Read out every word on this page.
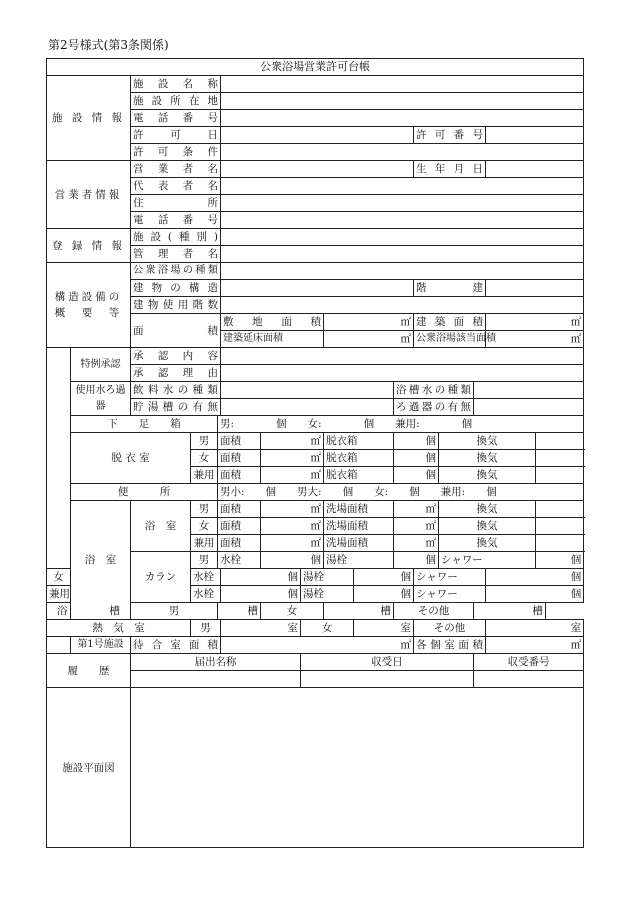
第2号様式(第3条関係)
公衆浴場営業許可台帳															
施 設 情 報		施設名称													
		施設所在地													
		電話番号													
		許可日									許可番号				
		許可条件													
営業者情報		営業者名									生年月日				
		代表者名													
		住所													
		電話番号													
登 録 情 報		施設(種別)													
		管理者名													
構造設備の概　要　等		公衆浴場の種類													
		建物の構造									階　　建				
		建物使用階数													
		面積			敷地面積			㎡			建築面積			㎡	
					建築延床面積			㎡			公衆浴場該当面積			㎡	
	特例承認	承認内容													
		承認理由													
	使用水ろ過器	飲料水の種類								浴槽水の種類					
		貯湯槽の有無								ろ過器の有無					
	下　　足　　箱			男:     個   女:     個   兼用:     個											
	脱 衣 室		男	面積		㎡		脱衣箱		個		換気			
			女	面積		㎡		脱衣箱		個		換気			
			兼用	面積		㎡		脱衣箱		個		換気			
	便　　　所			男小:   個   男大:   個   女:   個   兼用:   個											
	浴　室	浴　室	男	面積		㎡		洗場面積		㎡		換気			
			女	面積		㎡		洗場面積		㎡		換気			
			兼用	面積		㎡		洗場面積		㎡		換気			
		カラン	男	水栓		個		湯栓		個		シャワー			個
女			水栓		個		湯栓		個		シャワー			個	
兼用			水栓		個		湯栓		個		シャワー			個	
浴　　　　槽		男		槽		女		槽		その他			槽		
熱　気　室			男		室		女		室		その他			室	
	第1号施設	待合室面積			㎡						各個室面積			㎡	
履　　歴		届出名称					収受日						収受番号		

施設平面図															
